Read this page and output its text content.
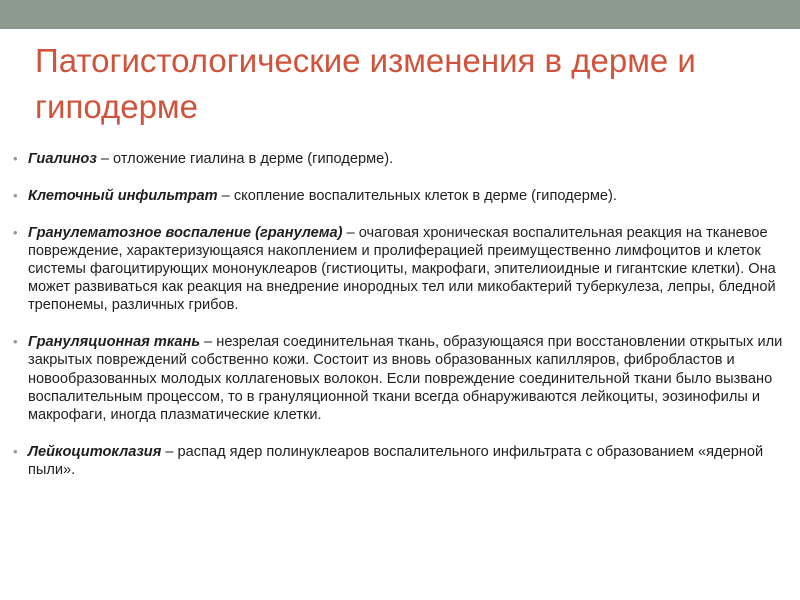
Патогистологические изменения в дерме и гиподерме
• Гиалиноз – отложение гиалина в дерме (гиподерме).
• Клеточный инфильтрат – скопление воспалительных клеток в дерме (гиподерме).
• Гранулематозное воспаление (гранулема) – очаговая хроническая воспалительная реакция на тканевое повреждение, характеризующаяся накоплением и пролиферацией преимущественно лимфоцитов и клеток системы фагоцитирующих мононуклеаров (гистиоциты, макрофаги, эпителиоидные и гигантские клетки). Она может развиваться как реакция на внедрение инородных тел или микобактерий туберкулеза, лепры, бледной трепонемы, различных грибов.
• Грануляционная ткань – незрелая соединительная ткань, образующаяся при восстановлении открытых или закрытых повреждений собственно кожи. Состоит из вновь образованных капилляров, фибробластов и новообразованных молодых коллагеновых волокон. Если повреждение соединительной ткани было вызвано воспалительным процессом, то в грануляционной ткани всегда обнаруживаются лейкоциты, эозинофилы и макрофаги, иногда плазматические клетки.
• Лейкоцитоклазия – распад ядер полинуклеаров воспалительного инфильтрата с образованием «ядерной пыли».
